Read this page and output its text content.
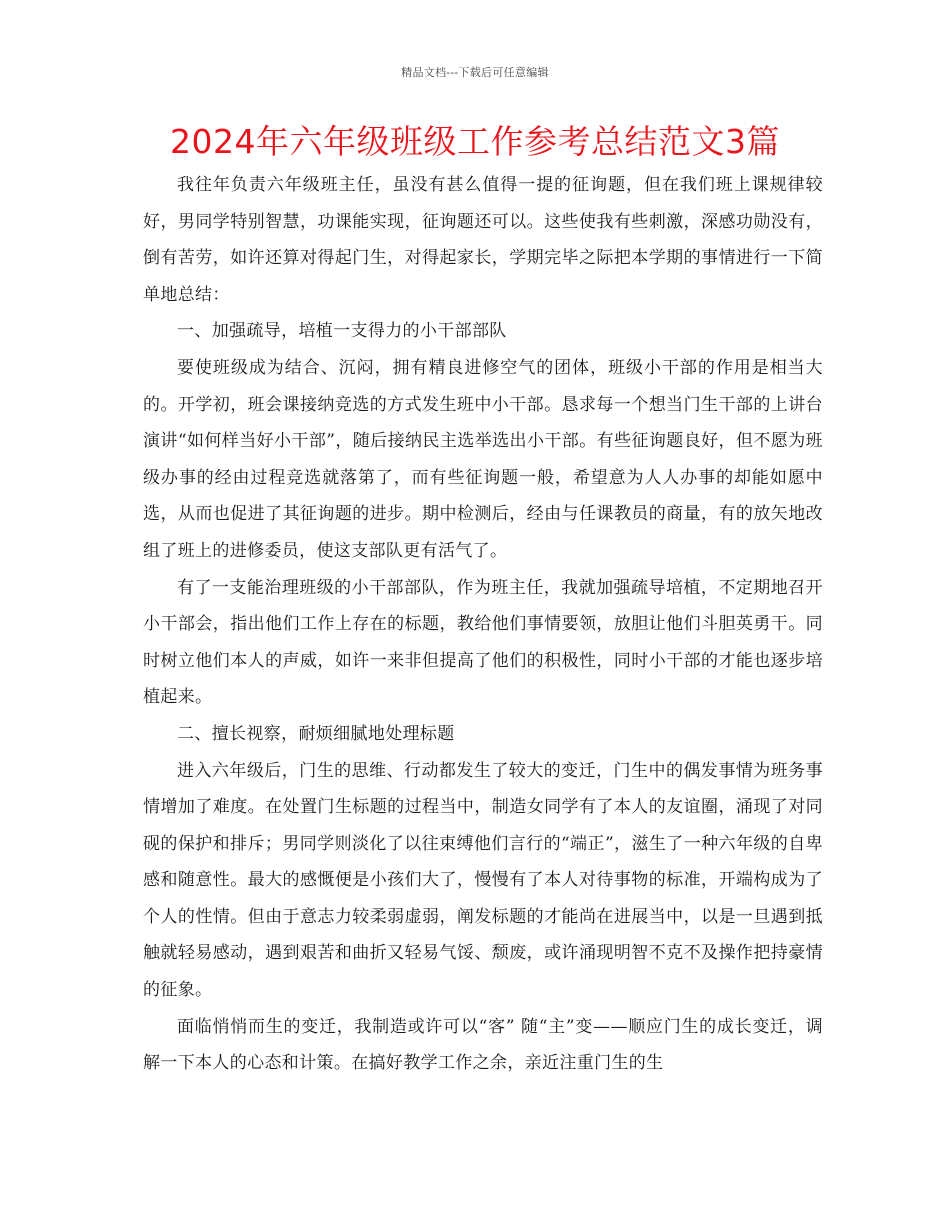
精品文档---下载后可任意编辑
2024年六年级班级工作参考总结范文3篇

我往年负责六年级班主任，虽没有甚么值得一提的征询题，但在我们班上课规律较好，男同学特别智慧，功课能实现，征询题还可以。这些使我有些刺激，深感功勋没有，倒有苦劳，如许还算对得起门生，对得起家长，学期完毕之际把本学期的事情进行一下简单地总结：

一、加强疏导，培植一支得力的小干部部队

要使班级成为结合、沉闷，拥有精良进修空气的团体，班级小干部的作用是相当大的。开学初，班会课接纳竞选的方式发生班中小干部。恳求每一个想当门生干部的上讲台演讲“如何样当好小干部”，随后接纳民主选举选出小干部。有些征询题良好，但不愿为班级办事的经由过程竞选就落第了，而有些征询题一般，希望意为人人办事的却能如愿中选，从而也促进了其征询题的进步。期中检测后，经由与任课教员的商量，有的放矢地改组了班上的进修委员，使这支部队更有活气了。

有了一支能治理班级的小干部部队，作为班主任，我就加强疏导培植，不定期地召开小干部会，指出他们工作上存在的标题，教给他们事情要领，放胆让他们斗胆英勇干。同时树立他们本人的声威，如许一来非但提高了他们的积极性，同时小干部的才能也逐步培植起来。

二、擅长视察，耐烦细腻地处理标题

进入六年级后，门生的思维、行动都发生了较大的变迁，门生中的偶发事情为班务事情增加了难度。在处置门生标题的过程当中，制造女同学有了本人的友谊圈，涌现了对同砚的保护和排斥；男同学则淡化了以往束缚他们言行的“端正”，滋生了一种六年级的自卑感和随意性。最大的感慨便是小孩们大了，慢慢有了本人对待事物的标准，开端构成为了个人的性情。但由于意志力较柔弱虚弱，阐发标题的才能尚在进展当中，以是一旦遇到抵触就轻易感动，遇到艰苦和曲折又轻易气馁、颓废，或许涌现明智不克不及操作把持豪情的征象。

面临悄悄而生的变迁，我制造或许可以“客” 随“主”变——顺应门生的成长变迁，调解一下本人的心态和计策。在搞好教学工作之余，亲近注重门生的生
